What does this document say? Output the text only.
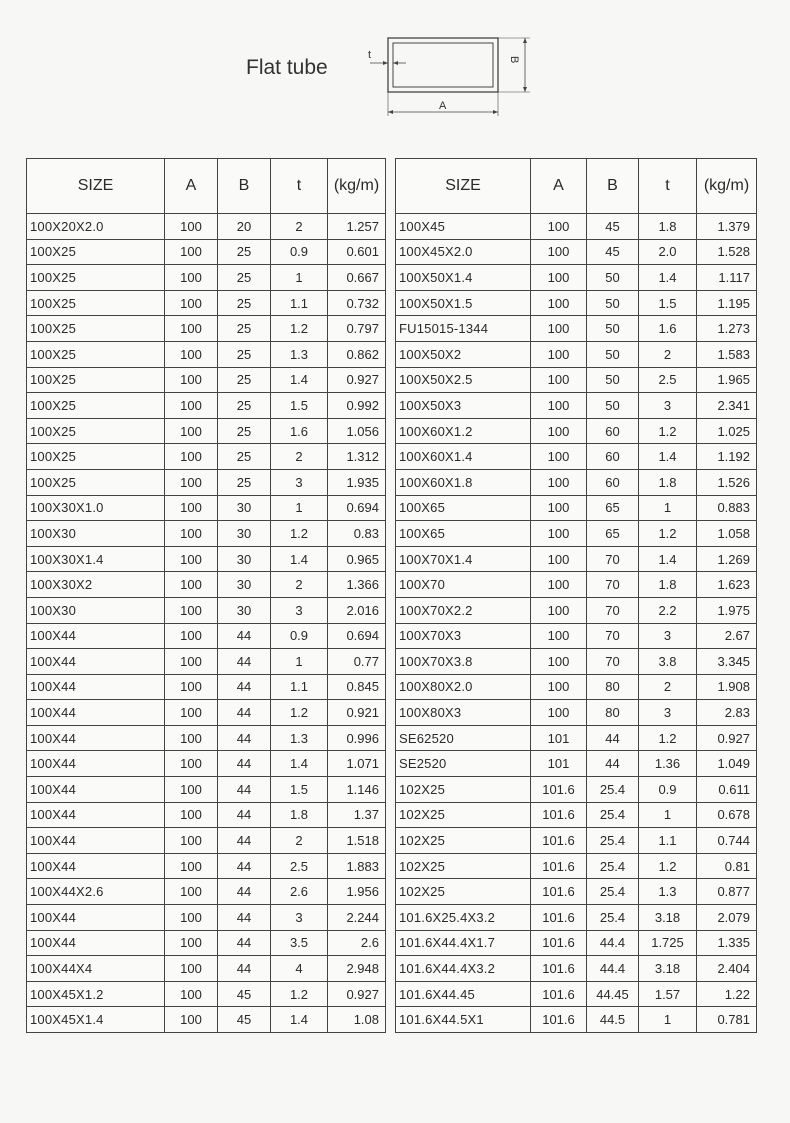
Flat tube
t	B
A
SIZE	A	B	t	(kg/m)
100X20X2.0	100	20	2	1.257
100X25	100	25	0.9	0.601
100X25	100	25	1	0.667
100X25	100	25	1.1	0.732
100X25	100	25	1.2	0.797
100X25	100	25	1.3	0.862
100X25	100	25	1.4	0.927
100X25	100	25	1.5	0.992
100X25	100	25	1.6	1.056
100X25	100	25	2	1.312
100X25	100	25	3	1.935
100X30X1.0	100	30	1	0.694
100X30	100	30	1.2	0.83
100X30X1.4	100	30	1.4	0.965
100X30X2	100	30	2	1.366
100X30	100	30	3	2.016
100X44	100	44	0.9	0.694
100X44	100	44	1	0.77
100X44	100	44	1.1	0.845
100X44	100	44	1.2	0.921
100X44	100	44	1.3	0.996
100X44	100	44	1.4	1.071
100X44	100	44	1.5	1.146
100X44	100	44	1.8	1.37
100X44	100	44	2	1.518
100X44	100	44	2.5	1.883
100X44X2.6	100	44	2.6	1.956
100X44	100	44	3	2.244
100X44	100	44	3.5	2.6
100X44X4	100	44	4	2.948
100X45X1.2	100	45	1.2	0.927
100X45X1.4	100	45	1.4	1.08
SIZE	A	B	t	(kg/m)
100X45	100	45	1.8	1.379
100X45X2.0	100	45	2.0	1.528
100X50X1.4	100	50	1.4	1.117
100X50X1.5	100	50	1.5	1.195
FU15015-1344	100	50	1.6	1.273
100X50X2	100	50	2	1.583
100X50X2.5	100	50	2.5	1.965
100X50X3	100	50	3	2.341
100X60X1.2	100	60	1.2	1.025
100X60X1.4	100	60	1.4	1.192
100X60X1.8	100	60	1.8	1.526
100X65	100	65	1	0.883
100X65	100	65	1.2	1.058
100X70X1.4	100	70	1.4	1.269
100X70	100	70	1.8	1.623
100X70X2.2	100	70	2.2	1.975
100X70X3	100	70	3	2.67
100X70X3.8	100	70	3.8	3.345
100X80X2.0	100	80	2	1.908
100X80X3	100	80	3	2.83
SE62520	101	44	1.2	0.927
SE2520	101	44	1.36	1.049
102X25	101.6	25.4	0.9	0.611
102X25	101.6	25.4	1	0.678
102X25	101.6	25.4	1.1	0.744
102X25	101.6	25.4	1.2	0.81
102X25	101.6	25.4	1.3	0.877
101.6X25.4X3.2	101.6	25.4	3.18	2.079
101.6X44.4X1.7	101.6	44.4	1.725	1.335
101.6X44.4X3.2	101.6	44.4	3.18	2.404
101.6X44.45	101.6	44.45	1.57	1.22
101.6X44.5X1	101.6	44.5	1	0.781
